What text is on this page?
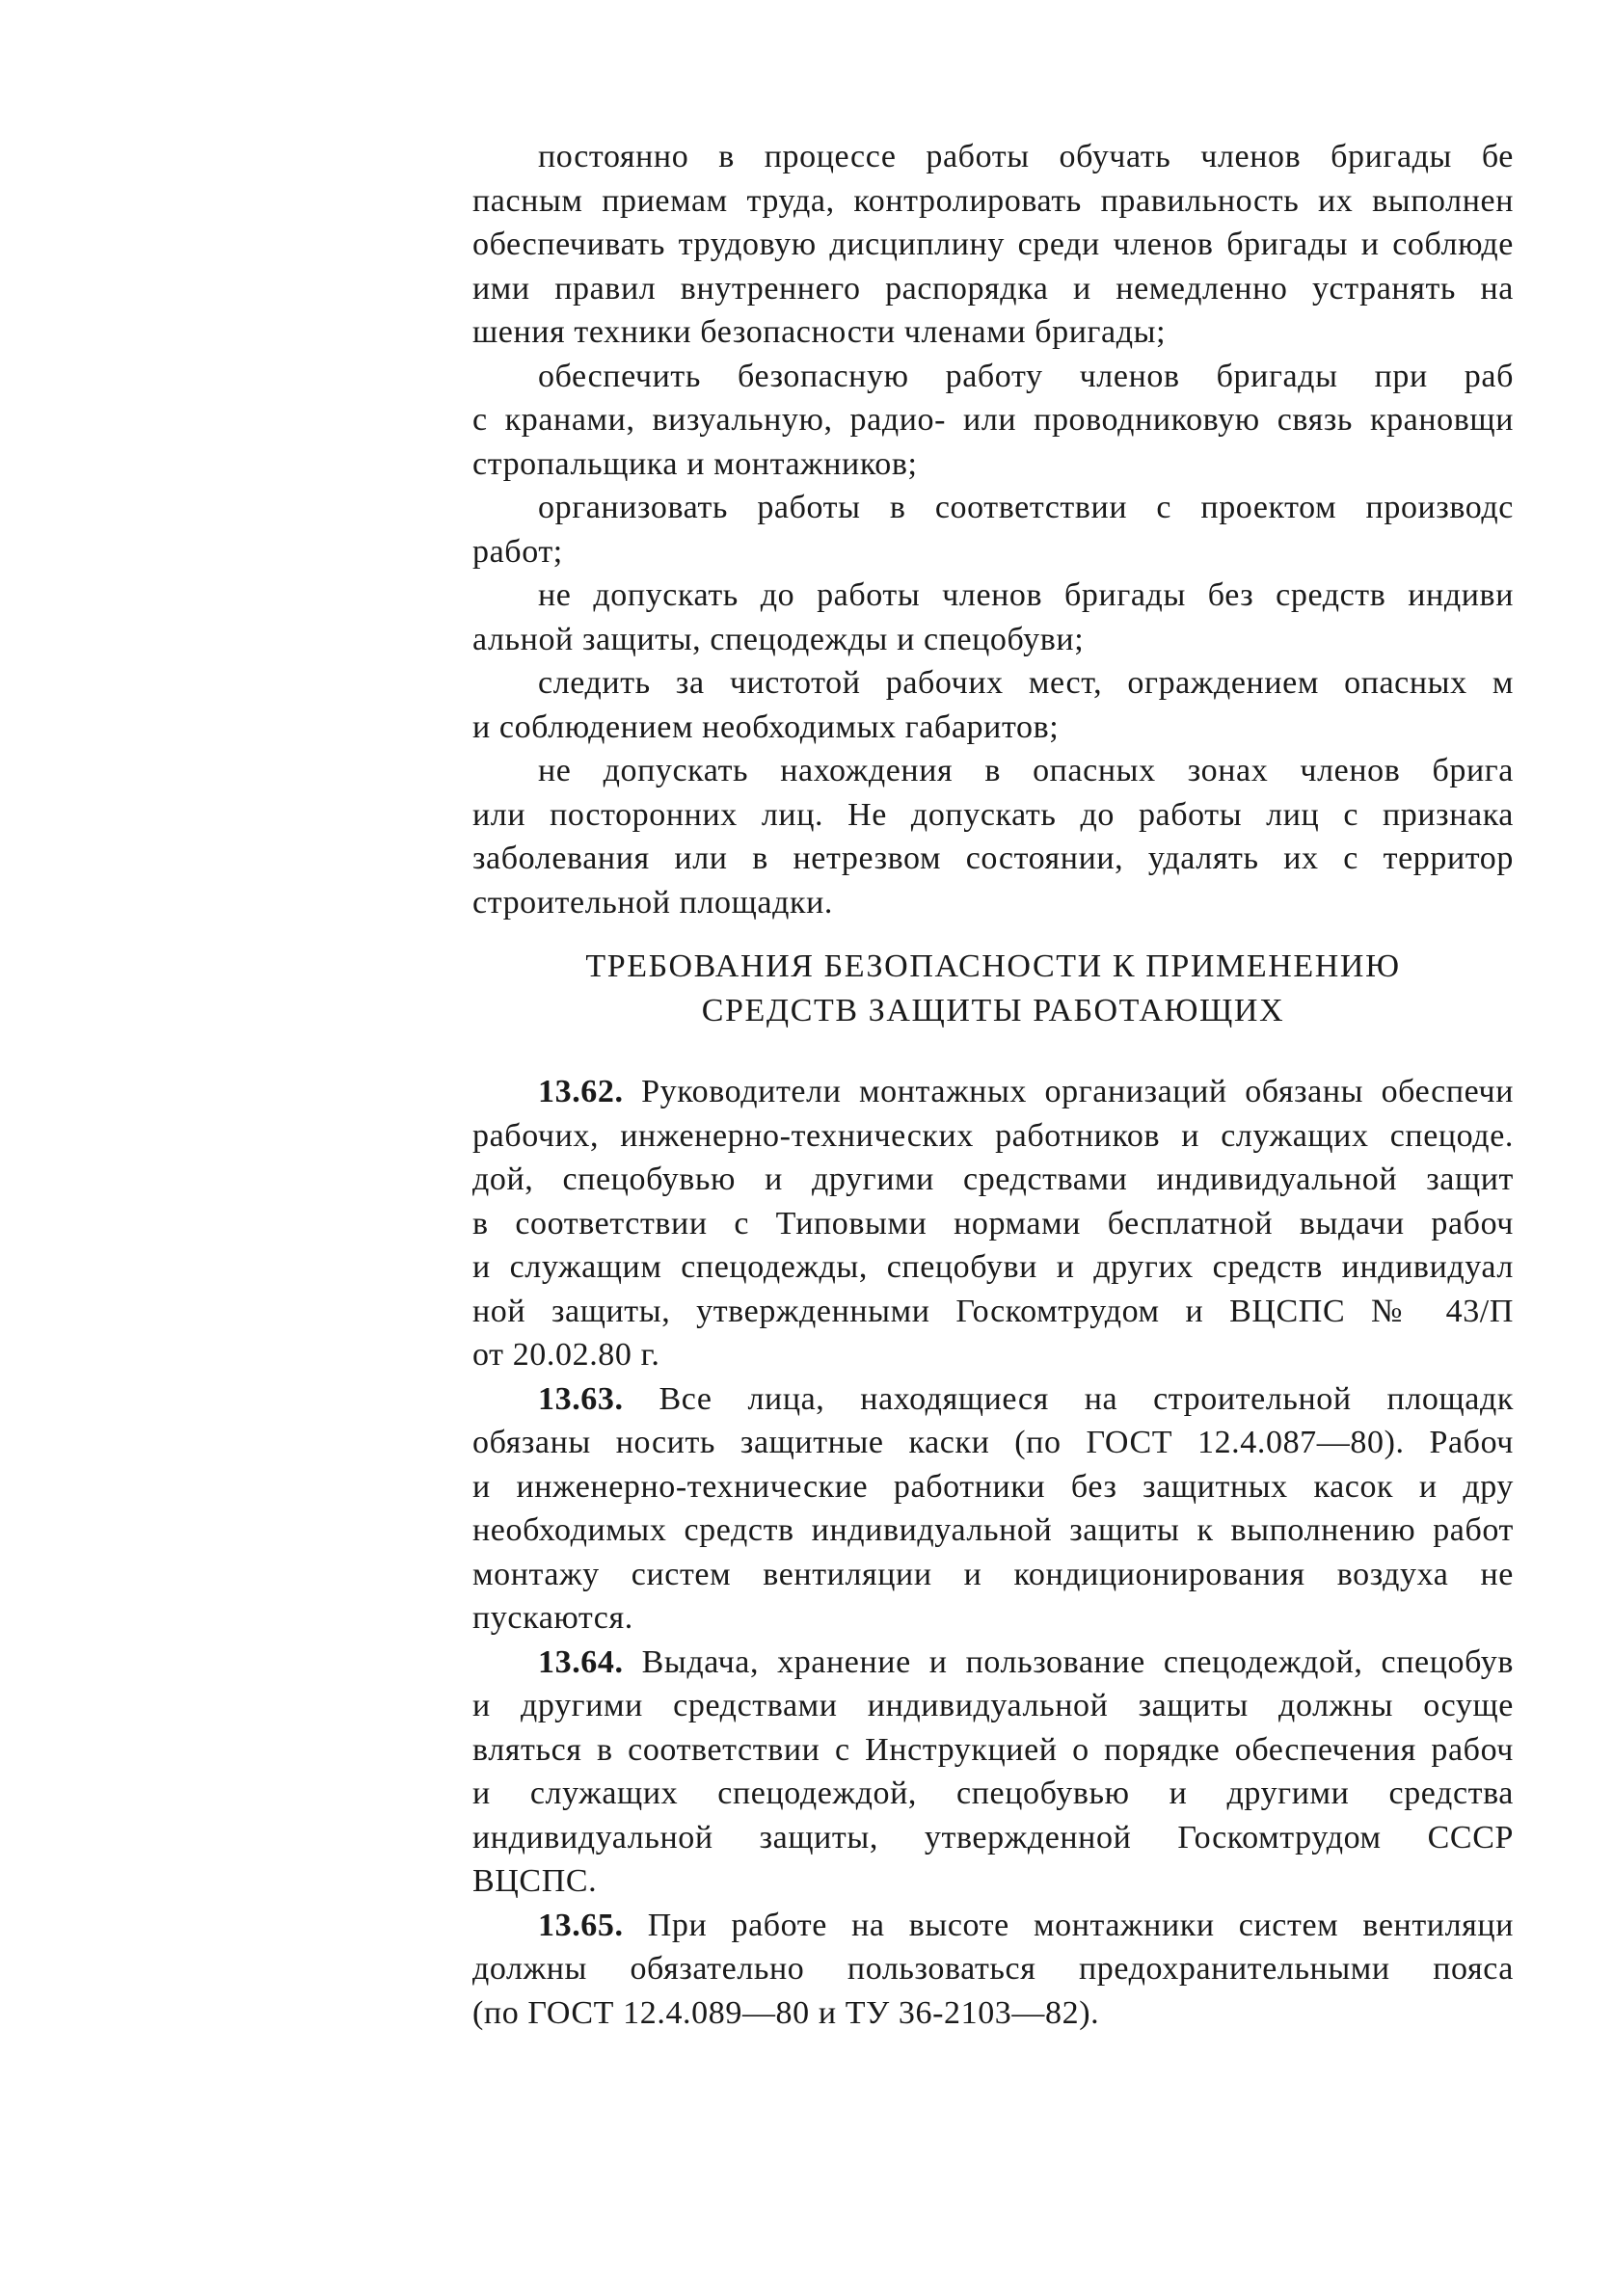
постоянно в процессе работы обучать членов бригады бе
пасным приемам труда, контролировать правильность их выполнен
обеспечивать трудовую дисциплину среди членов бригады и соблюде
ими правил внутреннего распорядка и немедленно устранять на
шения техники безопасности членами бригады;
обеспечить безопасную работу членов бригады при раб
с кранами, визуальную, радио- или проводниковую связь крановщи
стропальщика и монтажников;
организовать работы в соответствии с проектом производс
работ;
не допускать до работы членов бригады без средств индиви
альной защиты, спецодежды и спецобуви;
следить за чистотой рабочих мест, ограждением опасных м
и соблюдением необходимых габаритов;
не допускать нахождения в опасных зонах членов брига
или посторонних лиц. Не допускать до работы лиц с признака
заболевания или в нетрезвом состоянии, удалять их с территор
строительной площадки.
ТРЕБОВАНИЯ БЕЗОПАСНОСТИ К ПРИМЕНЕНИЮ
СРЕДСТВ ЗАЩИТЫ РАБОТАЮЩИХ
13.62. Руководители монтажных организаций обязаны обеспечи
рабочих, инженерно-технических работников и служащих спецоде.
дой, спецобувью и другими средствами индивидуальной защит
в соответствии с Типовыми нормами бесплатной выдачи рабоч
и служащим спецодежды, спецобуви и других средств индивидуал
ной защиты, утвержденными Госкомтрудом и ВЦСПС № 43/П
от 20.02.80 г.
13.63. Все лица, находящиеся на строительной площадк
обязаны носить защитные каски (по ГОСТ 12.4.087—80). Рабоч
и инженерно-технические работники без защитных касок и дру
необходимых средств индивидуальной защиты к выполнению работ
монтажу систем вентиляции и кондиционирования воздуха не
пускаются.
13.64. Выдача, хранение и пользование спецодеждой, спецобув
и другими средствами индивидуальной защиты должны осуще
вляться в соответствии с Инструкцией о порядке обеспечения рабоч
и служащих спецодеждой, спецобувью и другими средства
индивидуальной защиты, утвержденной Госкомтрудом СССР
ВЦСПС.
13.65. При работе на высоте монтажники систем вентиляци
должны обязательно пользоваться предохранительными пояса
(по ГОСТ 12.4.089—80 и ТУ 36-2103—82).
